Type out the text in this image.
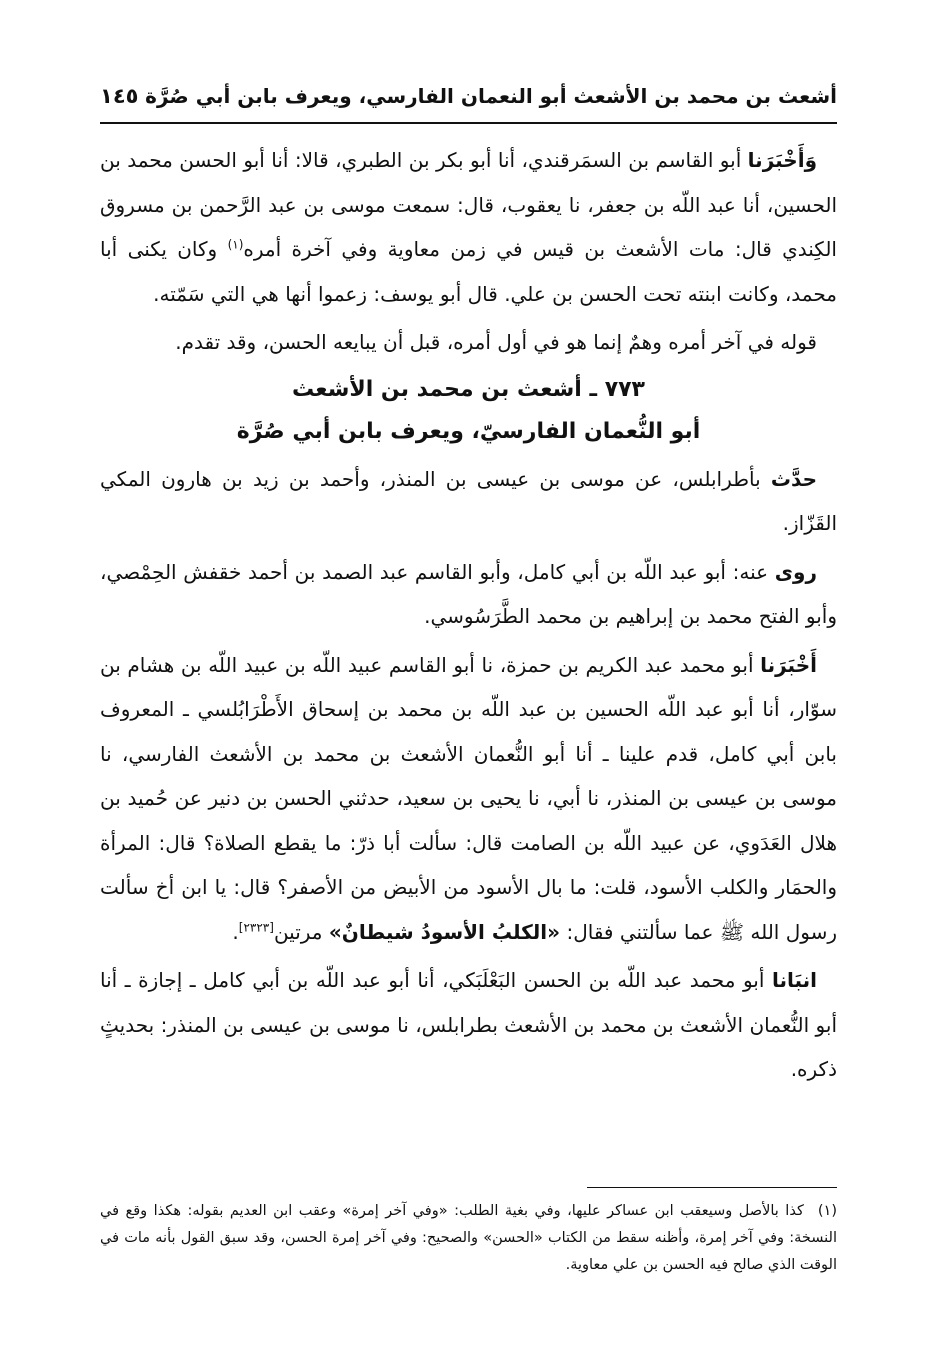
أشعث بن محمد بن الأشعث أبو النعمان الفارسي، ويعرف بابن أبي صُرَّة
١٤٥

وَأَخْبَرَنا أبو القاسم بن السمَرقندي، أنا أبو بكر بن الطبري، قالا: أنا أبو الحسن محمد بن الحسين، أنا عبد اللّه بن جعفر، نا يعقوب، قال: سمعت موسى بن عبد الرَّحمن بن مسروق الكِندي قال: مات الأشعث بن قيس في زمن معاوية وفي آخرة أمره$^{(١)}$ وكان يكنى أبا محمد، وكانت ابنته تحت الحسن بن علي. قال أبو يوسف: زعموا أنها هي التي سَمّته.

قوله في آخر أمره وهمٌ إنما هو في أول أمره، قبل أن يبايعه الحسن، وقد تقدم.

٧٧٣ ـ أشعث بن محمد بن الأشعث

أبو النُّعمان الفارسيّ، ويعرف بابن أبي صُرَّة

حدَّث بأطرابلس، عن موسى بن عيسى بن المنذر، وأحمد بن زيد بن هارون المكي القَزّاز.

روى عنه: أبو عبد اللّه بن أبي كامل، وأبو القاسم عبد الصمد بن أحمد خقفش الحِمْصي، وأبو الفتح محمد بن إبراهيم بن محمد الطَّرَسُوسي.

أَخْبَرَنا أبو محمد عبد الكريم بن حمزة، نا أبو القاسم عبيد اللّه بن عبيد اللّه بن هشام بن سوّار، أنا أبو عبد اللّه الحسين بن عبد اللّه بن محمد بن إسحاق الأَطْرَابُلسي ـ المعروف بابن أبي كامل، قدم علينا ـ أنا أبو النُّعمان الأشعث بن محمد بن الأشعث الفارسي، نا موسى بن عيسى بن المنذر، نا أبي، نا يحيى بن سعيد، حدثني الحسن بن دنير عن حُميد بن هلال العَدَوي، عن عبيد اللّه بن الصامت قال: سألت أبا ذرّ: ما يقطع الصلاة؟ قال: المرأة والحمَار والكلب الأسود، قلت: ما بال الأسود من الأبيض من الأصفر؟ قال: يا ابن أخ سألت رسول الله ﷺ عما سألتني فقال: «الكلبُ الأسودُ شيطانٌ» مرتين[٢٣٢٣].

انبَانا أبو محمد عبد اللّه بن الحسن البَعْلَبَكي، أنا أبو عبد اللّه بن أبي كامل ـ إجازة ـ أنا أبو النُّعمان الأشعث بن محمد بن الأشعث بطرابلس، نا موسى بن عيسى بن المنذر: بحديثٍ ذكره.

(١)كذا بالأصل وسيعقب ابن عساكر عليها، وفي بغية الطلب: «وفي آخر إمرة» وعقب ابن العديم بقوله: هكذا وقع في النسخة: وفي آخر إمرة، وأظنه سقط من الكتاب «الحسن» والصحيح: وفي آخر إمرة الحسن، وقد سبق القول بأنه مات في الوقت الذي صالح فيه الحسن بن علي معاوية.
